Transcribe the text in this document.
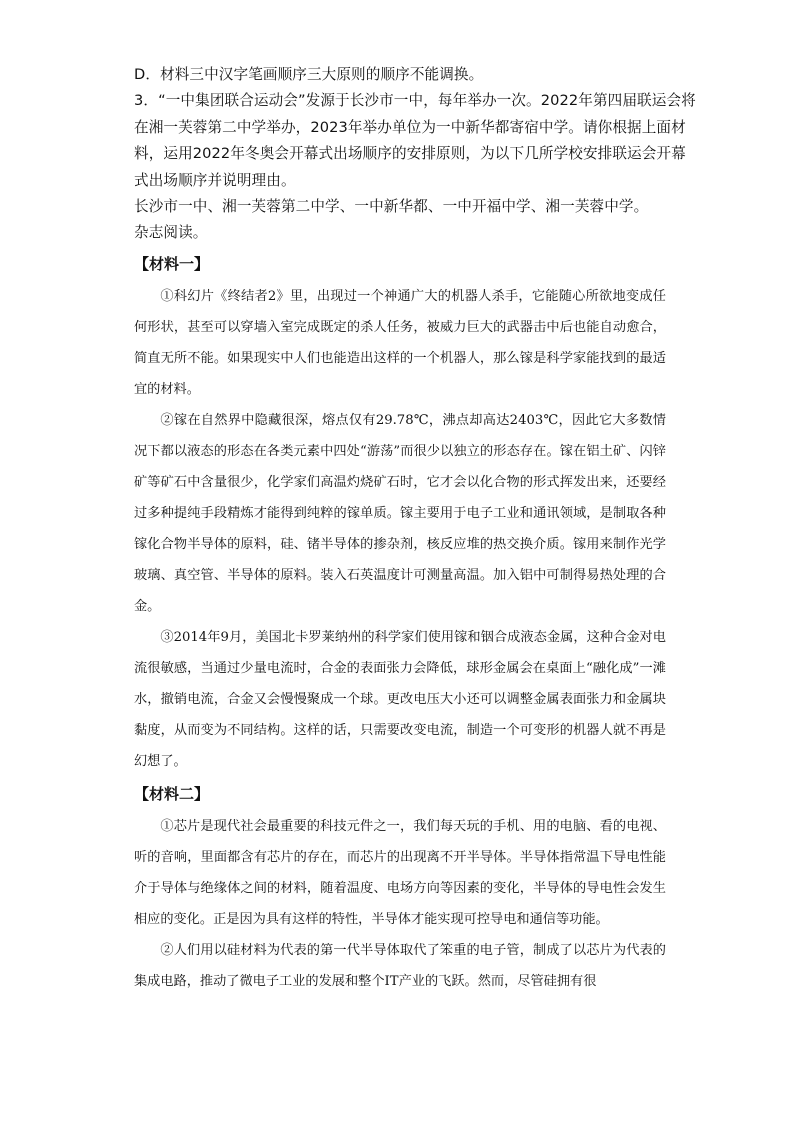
D．材料三中汉字笔画顺序三大原则的顺序不能调换。

3．“一中集团联合运动会”发源于长沙市一中，每年举办一次。2022年第四届联运会将

在湘一芙蓉第二中学举办，2023年举办单位为一中新华都寄宿中学。请你根据上面材

料，运用2022年冬奥会开幕式出场顺序的安排原则，为以下几所学校安排联运会开幕

式出场顺序并说明理由。

长沙市一中、湘一芙蓉第二中学、一中新华都、一中开福中学、湘一芙蓉中学。

杂志阅读。

【材料一】

①科幻片《终结者2》里，出现过一个神通广大的机器人杀手，它能随心所欲地变成任何形状，甚至可以穿墙入室完成既定的杀人任务，被威力巨大的武器击中后也能自动愈合，简直无所不能。如果现实中人们也能造出这样的一个机器人，那么镓是科学家能找到的最适宜的材料。

②镓在自然界中隐藏很深，熔点仅有29.78℃，沸点却高达2403℃，因此它大多数情况下都以液态的形态在各类元素中四处“游荡”而很少以独立的形态存在。镓在铝土矿、闪锌矿等矿石中含量很少，化学家们高温灼烧矿石时，它才会以化合物的形式挥发出来，还要经过多种提纯手段精炼才能得到纯粹的镓单质。镓主要用于电子工业和通讯领域，是制取各种镓化合物半导体的原料，硅、锗半导体的掺杂剂，核反应堆的热交换介质。镓用来制作光学玻璃、真空管、半导体的原料。装入石英温度计可测量高温。加入铝中可制得易热处理的合金。

③2014年9月，美国北卡罗莱纳州的科学家们使用镓和铟合成液态金属，这种合金对电流很敏感，当通过少量电流时，合金的表面张力会降低，球形金属会在桌面上“融化成”一滩水，撤销电流，合金又会慢慢聚成一个球。更改电压大小还可以调整金属表面张力和金属块黏度，从而变为不同结构。这样的话，只需要改变电流，制造一个可变形的机器人就不再是幻想了。

【材料二】

①芯片是现代社会最重要的科技元件之一，我们每天玩的手机、用的电脑、看的电视、听的音响，里面都含有芯片的存在，而芯片的出现离不开半导体。半导体指常温下导电性能介于导体与绝缘体之间的材料，随着温度、电场方向等因素的变化，半导体的导电性会发生相应的变化。正是因为具有这样的特性，半导体才能实现可控导电和通信等功能。

②人们用以硅材料为代表的第一代半导体取代了笨重的电子管，制成了以芯片为代表的集成电路，推动了微电子工业的发展和整个IT产业的飞跃。然而，尽管硅拥有很
